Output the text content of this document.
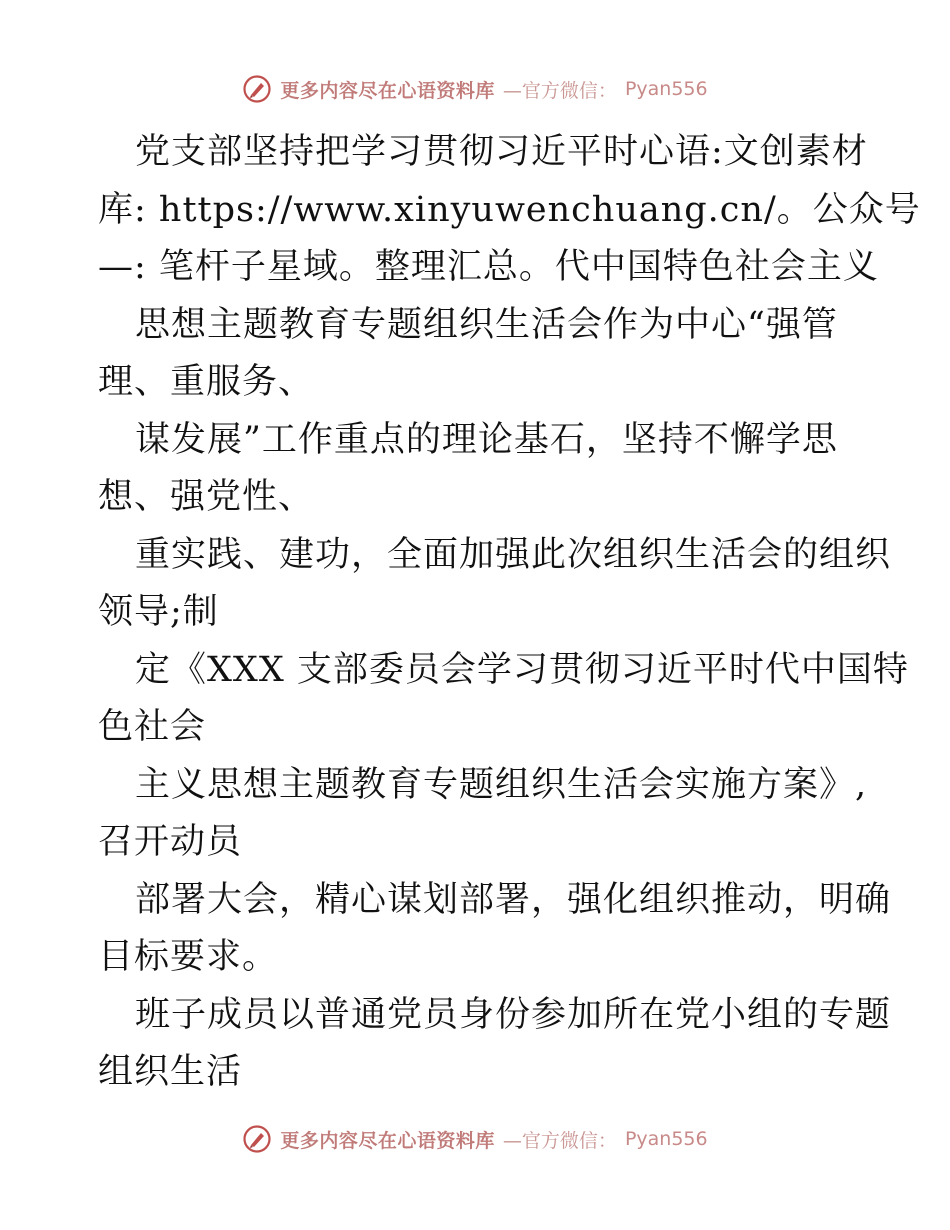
更多内容尽在心语资料库 —官方微信： Pyan556
党支部坚持把学习贯彻习近平时心语:文创素材
库: https://www.xinyuwenchuang.cn/。公众号
—: 笔杆子星域。整理汇总。代中国特色社会主义
思想主题教育专题组织生活会作为中心“强管
理、重服务、
谋发展”工作重点的理论基石，坚持不懈学思
想、强党性、
重实践、建功，全面加强此次组织生活会的组织
领导;制
定《XXX 支部委员会学习贯彻习近平时代中国特
色社会
主义思想主题教育专题组织生活会实施方案》,
召开动员
部署大会，精心谋划部署，强化组织推动，明确
目标要求。
班子成员以普通党员身份参加所在党小组的专题
组织生活
更多内容尽在心语资料库 —官方微信： Pyan556
